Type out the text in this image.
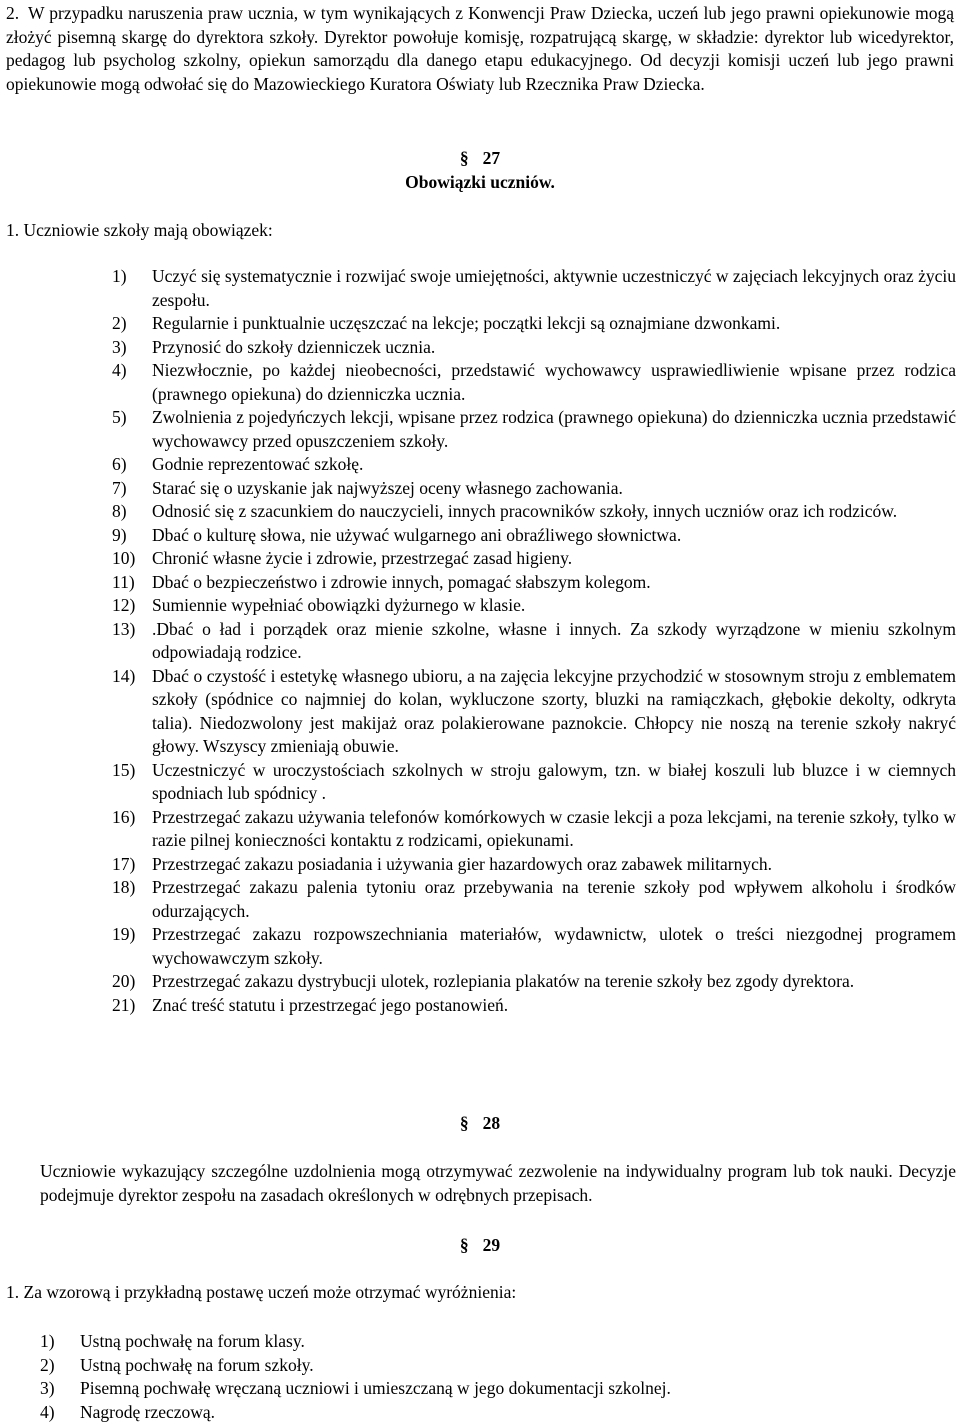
2. W przypadku naruszenia praw ucznia, w tym wynikających z Konwencji Praw Dziecka, uczeń lub jego prawni opiekunowie mogą złożyć pisemną skargę do dyrektora szkoły. Dyrektor powołuje komisję, rozpatrującą skargę, w składzie: dyrektor lub wicedyrektor, pedagog lub psycholog szkolny, opiekun samorządu dla danego etapu edukacyjnego. Od decyzji komisji uczeń lub jego prawni opiekunowie mogą odwołać się do Mazowieckiego Kuratora Oświaty lub Rzecznika Praw Dziecka.

§ 27
Obowiązki uczniów.

1. Uczniowie szkoły mają obowiązek:

1) Uczyć się systematycznie i rozwijać swoje umiejętności, aktywnie uczestniczyć w zajęciach lekcyjnych oraz życiu zespołu.
2) Regularnie i punktualnie uczęszczać na lekcje; początki lekcji są oznajmiane dzwonkami.
3) Przynosić do szkoły dzienniczek ucznia.
4) Niezwłocznie, po każdej nieobecności, przedstawić wychowawcy usprawiedliwienie wpisane przez rodzica (prawnego opiekuna) do dzienniczka ucznia.
5) Zwolnienia z pojedyńczych lekcji, wpisane przez rodzica (prawnego opiekuna) do dzienniczka ucznia przedstawić wychowawcy przed opuszczeniem szkoły.
6) Godnie reprezentować szkołę.
7) Starać się o uzyskanie jak najwyższej oceny własnego zachowania.
8) Odnosić się z szacunkiem do nauczycieli, innych pracowników szkoły, innych uczniów oraz ich rodziców.
9) Dbać o kulturę słowa, nie używać wulgarnego ani obraźliwego słownictwa.
10) Chronić własne życie i zdrowie, przestrzegać zasad higieny.
11) Dbać o bezpieczeństwo i zdrowie innych, pomagać słabszym kolegom.
12) Sumiennie wypełniać obowiązki dyżurnego w klasie.
13) .Dbać o ład i porządek oraz mienie szkolne, własne i innych. Za szkody wyrządzone w mieniu szkolnym odpowiadają rodzice.
14) Dbać o czystość i estetykę własnego ubioru, a na zajęcia lekcyjne przychodzić w stosownym stroju z emblematem szkoły (spódnice co najmniej do kolan, wykluczone szorty, bluzki na ramiączkach, głębokie dekolty, odkryta talia). Niedozwolony jest makijaż oraz polakierowane paznokcie. Chłopcy nie noszą na terenie szkoły nakryć głowy. Wszyscy zmieniają obuwie.
15) Uczestniczyć w uroczystościach szkolnych w stroju galowym, tzn. w białej koszuli lub bluzce i w ciemnych spodniach lub spódnicy .
16) Przestrzegać zakazu używania telefonów komórkowych w czasie lekcji a poza lekcjami, na terenie szkoły, tylko w razie pilnej konieczności kontaktu z rodzicami, opiekunami.
17) Przestrzegać zakazu posiadania i używania gier hazardowych oraz zabawek militarnych.
18) Przestrzegać zakazu palenia tytoniu oraz przebywania na terenie szkoły pod wpływem alkoholu i środków odurzających.
19) Przestrzegać zakazu rozpowszechniania materiałów, wydawnictw, ulotek o treści niezgodnej programem wychowawczym szkoły.
20) Przestrzegać zakazu dystrybucji ulotek, rozlepiania plakatów na terenie szkoły bez zgody dyrektora.
21) Znać treść statutu i przestrzegać jego postanowień.
§ 28

Uczniowie wykazujący szczególne uzdolnienia mogą otrzymywać zezwolenie na indywidualny program lub tok nauki. Decyzje podejmuje dyrektor zespołu na zasadach określonych w odrębnych przepisach.

§ 29

1. Za wzorową i przykładną postawę uczeń może otrzymać wyróżnienia:

1) Ustną pochwałę na forum klasy.
2) Ustną pochwałę na forum szkoły.
3) Pisemną pochwałę wręczaną uczniowi i umieszczaną w jego dokumentacji szkolnej.
4) Nagrodę rzeczową.
